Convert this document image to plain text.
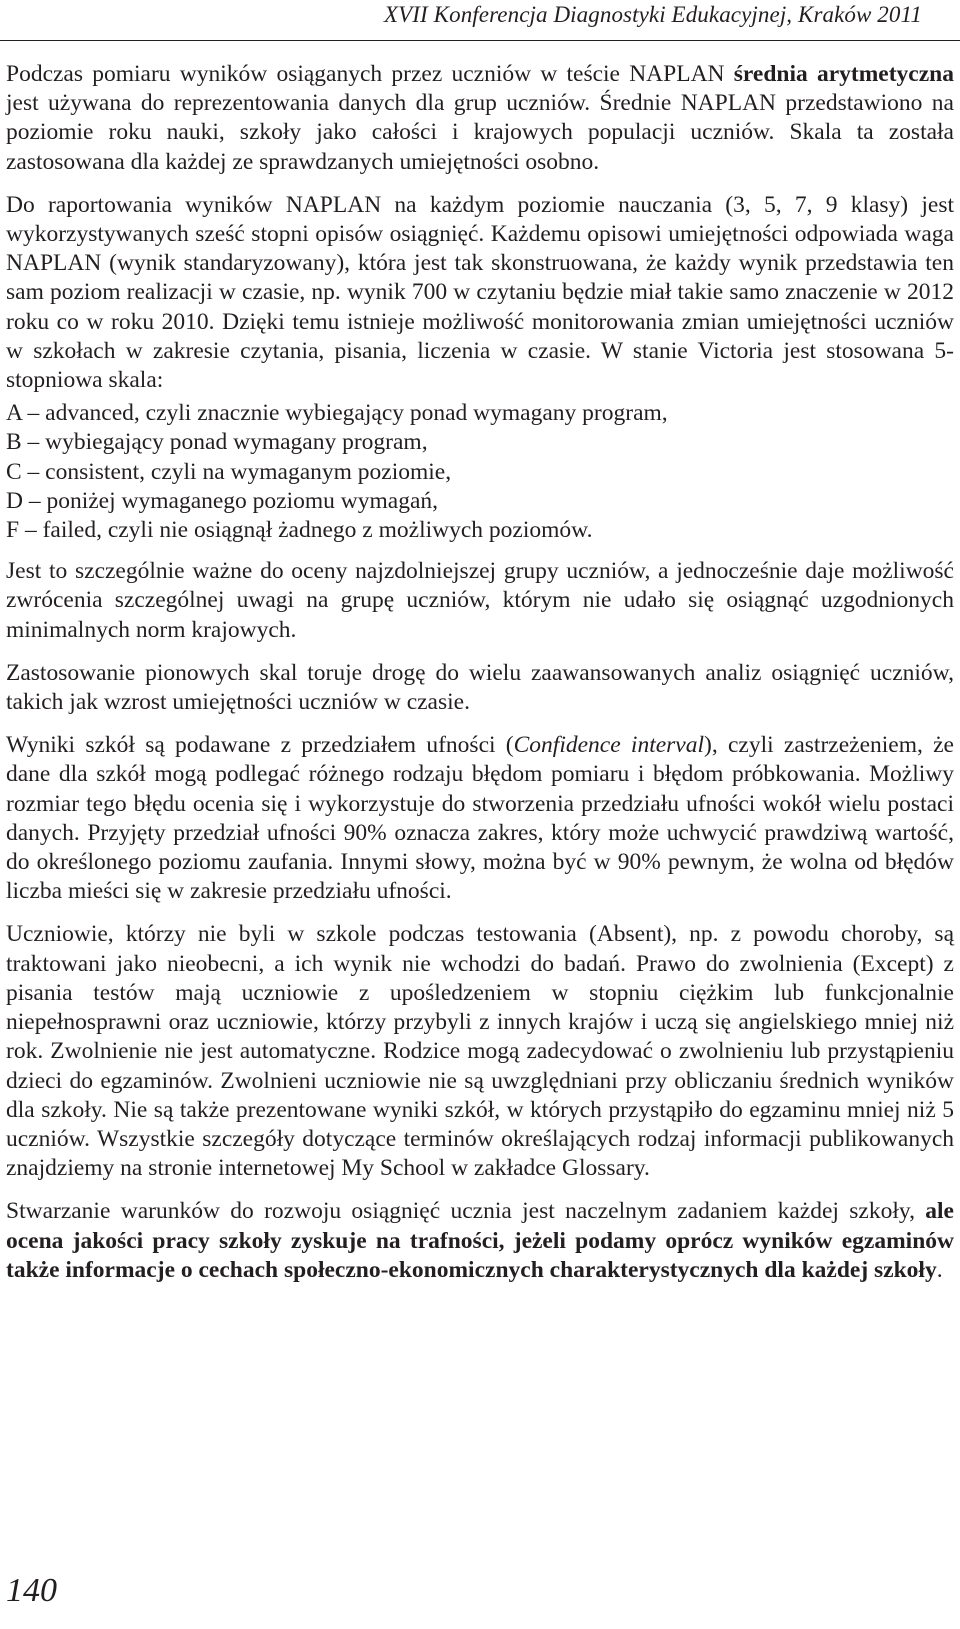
XVII Konferencja Diagnostyki Edukacyjnej, Kraków 2011

Podczas pomiaru wyników osiąganych przez uczniów w teście NAPLAN średnia arytmetyczna jest używana do reprezentowania danych dla grup uczniów. Średnie NAPLAN przedstawiono na poziomie roku nauki, szkoły jako całości i krajowych populacji uczniów. Skala ta została zastosowana dla każdej ze sprawdzanych umiejętności osobno.

Do raportowania wyników NAPLAN na każdym poziomie nauczania (3, 5, 7, 9 klasy) jest wykorzystywanych sześć stopni opisów osiągnięć. Każdemu opisowi umiejętności odpowiada waga NAPLAN (wynik standaryzowany), która jest tak skonstruowana, że każdy wynik przedstawia ten sam poziom realizacji w czasie, np. wynik 700 w czytaniu będzie miał takie samo znaczenie w 2012 roku co w roku 2010. Dzięki temu istnieje możliwość monitorowania zmian umiejętności uczniów w szkołach w zakresie czytania, pisania, liczenia w czasie. W stanie Victoria jest stosowana 5-stopniowa skala:

A – advanced, czyli znacznie wybiegający ponad wymagany program,
B – wybiegający ponad wymagany program,
C – consistent, czyli na wymaganym poziomie,
D – poniżej wymaganego poziomu wymagań,
F – failed, czyli nie osiągnął żadnego z możliwych poziomów.

Jest to szczególnie ważne do oceny najzdolniejszej grupy uczniów, a jednocześnie daje możliwość zwrócenia szczególnej uwagi na grupę uczniów, którym nie udało się osiągnąć uzgodnionych minimalnych norm krajowych.

Zastosowanie pionowych skal toruje drogę do wielu zaawansowanych analiz osiągnięć uczniów, takich jak wzrost umiejętności uczniów w czasie.

Wyniki szkół są podawane z przedziałem ufności (Confidence interval), czyli zastrzeżeniem, że dane dla szkół mogą podlegać różnego rodzaju błędom pomiaru i błędom próbkowania. Możliwy rozmiar tego błędu ocenia się i wykorzystuje do stworzenia przedziału ufności wokół wielu postaci danych. Przyjęty przedział ufności 90% oznacza zakres, który może uchwycić prawdziwą wartość, do określonego poziomu zaufania. Innymi słowy, można być w 90% pewnym, że wolna od błędów liczba mieści się w zakresie przedziału ufności.

Uczniowie, którzy nie byli w szkole podczas testowania (Absent), np. z powodu choroby, są traktowani jako nieobecni, a ich wynik nie wchodzi do badań. Prawo do zwolnienia (Except) z pisania testów mają uczniowie z upośledzeniem w stopniu ciężkim lub funkcjonalnie niepełnosprawni oraz uczniowie, którzy przybyli z innych krajów i uczą się angielskiego mniej niż rok. Zwolnienie nie jest automatyczne. Rodzice mogą zadecydować o zwolnieniu lub przystąpieniu dzieci do egzaminów. Zwolnieni uczniowie nie są uwzględniani przy obliczaniu średnich wyników dla szkoły. Nie są także prezentowane wyniki szkół, w których przystąpiło do egzaminu mniej niż 5 uczniów. Wszystkie szczegóły dotyczące terminów określających rodzaj informacji publikowanych znajdziemy na stronie internetowej My School w zakładce Glossary.

Stwarzanie warunków do rozwoju osiągnięć ucznia jest naczelnym zadaniem każdej szkoły, ale ocena jakości pracy szkoły zyskuje na trafności, jeżeli podamy oprócz wyników egzaminów także informacje o cechach społeczno-ekonomicznych charakterystycznych dla każdej szkoły.

140
